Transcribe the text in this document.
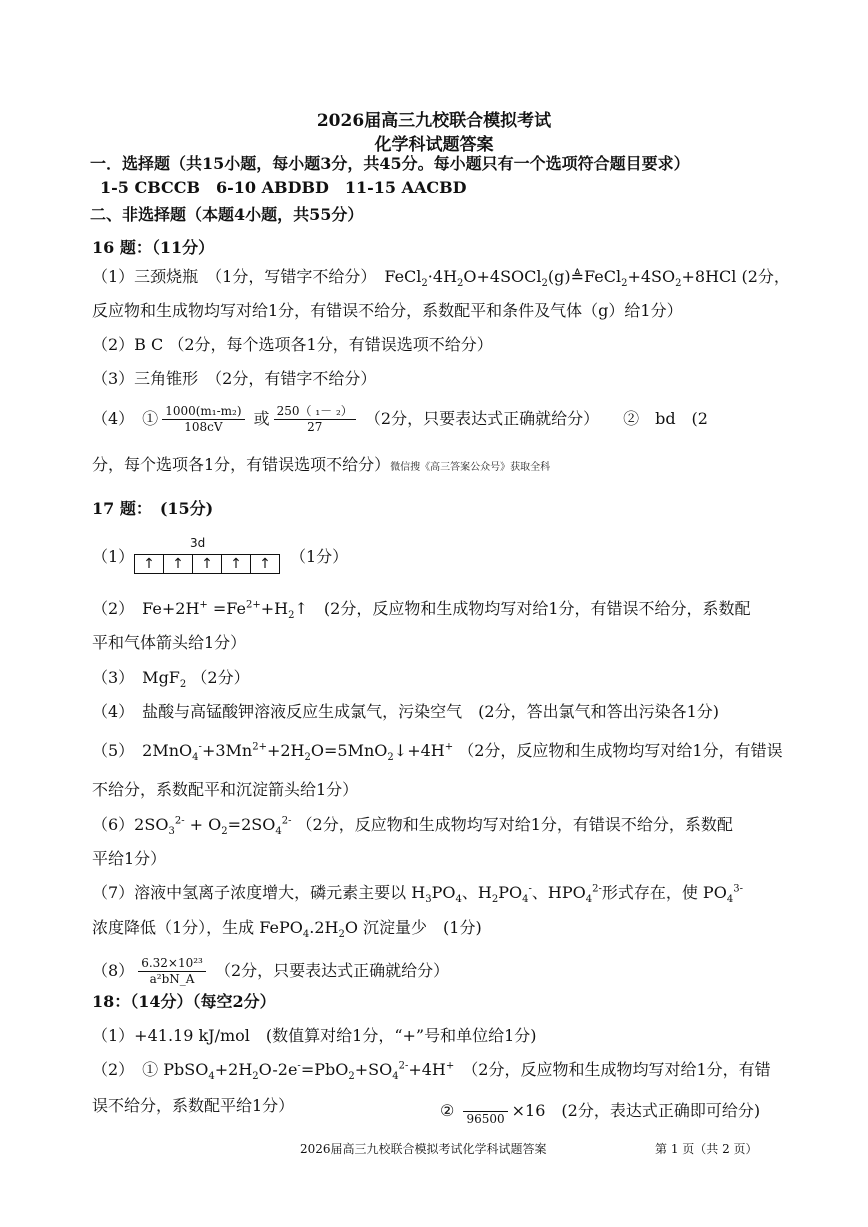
2026届高三九校联合模拟考试
化学科试题答案
一．选择题（共15小题，每小题3分，共45分。每小题只有一个选项符合题目要求）
1-5 CBCCB　6-10 ABDBD　11-15 AACBD
二、非选择题（本题4小题，共55分）
16 题：（11分）
（1）三颈烧瓶　（1分，写错字不给分）　$FeCl_2\cdot 4H_2O+4SOCl_2(g)≜FeCl_2+4SO_2+8HCl$ (2分，
反应物和生成物均写对给1分，有错误不给分，系数配平和条件及气体（g）给1分）
（2）B C （2分，每个选项各1分，有错误选项不给分）
（3）三角锥形　（2分，有错字不给分）
（4）　① $\frac{\text{1000(m₁-m₂)}}{108cV}$ 或 $\frac{\text{250（ ₁－ ₂）}}{27} (2$分，只要表达式正确就给分）　　②　bd　(2
分，每个选项各1分，有错误选项不给分）微信搜《高三答案公众号》获取全科
17 题：　(15分)
（1）
3d
↑	↑	↑	↑	↑	（1分）
（2）　$Fe+2H^+ =Fe^{2+}+H_2↑$　(2分，反应物和生成物均写对给1分，有错误不给分，系数配
平和气体箭头给1分）
（3）　MgF$_2$ （2分）
（4）　盐酸与高锰酸钾溶液反应生成氯气，污染空气　(2分，答出氯气和答出污染各1分)
（5）　$2MnO_4^-+3Mn^{2+}+2H_2O=5MnO_2↓+4H^+$ （2分，反应物和生成物均写对给1分，有错误
不给分，系数配平和沉淀箭头给1分）
$(6)2SO_3^{2-} + O_2=2SO_4^{2-}$ （2分，反应物和生成物均写对给1分，有错误不给分，系数配
平给1分）
（7）溶液中氢离子浓度增大，磷元素主要以 $H_3PO_4$、$H_2PO_4^-$、$HPO_4^{2-}$形式存在，使 $PO_4^{3-}$
浓度降低（1分），生成 $FePO_4.2H_2O$ 沉淀量少　(1分)
$(8) \frac{\text{6.32×10²³}}{\text{a²bN\_A}} (2$分，只要表达式正确就给分）
18：（14分）（每空2分）
（1）+41.19 kJ/mol　(数值算对给1分，“+”号和单位给1分)
（2）　① $PbSO_4+2H_2O-2e^-=PbO_2+SO_4^{2-}+4H^+$　 （2分，反应物和生成物均写对给1分，有错
误不给分，系数配平给1分）	②
96500 ×16　(2分，表达式正确即可给分)
2026届高三九校联合模拟考试化学科试题答案	第 1 页（共 2 页）
